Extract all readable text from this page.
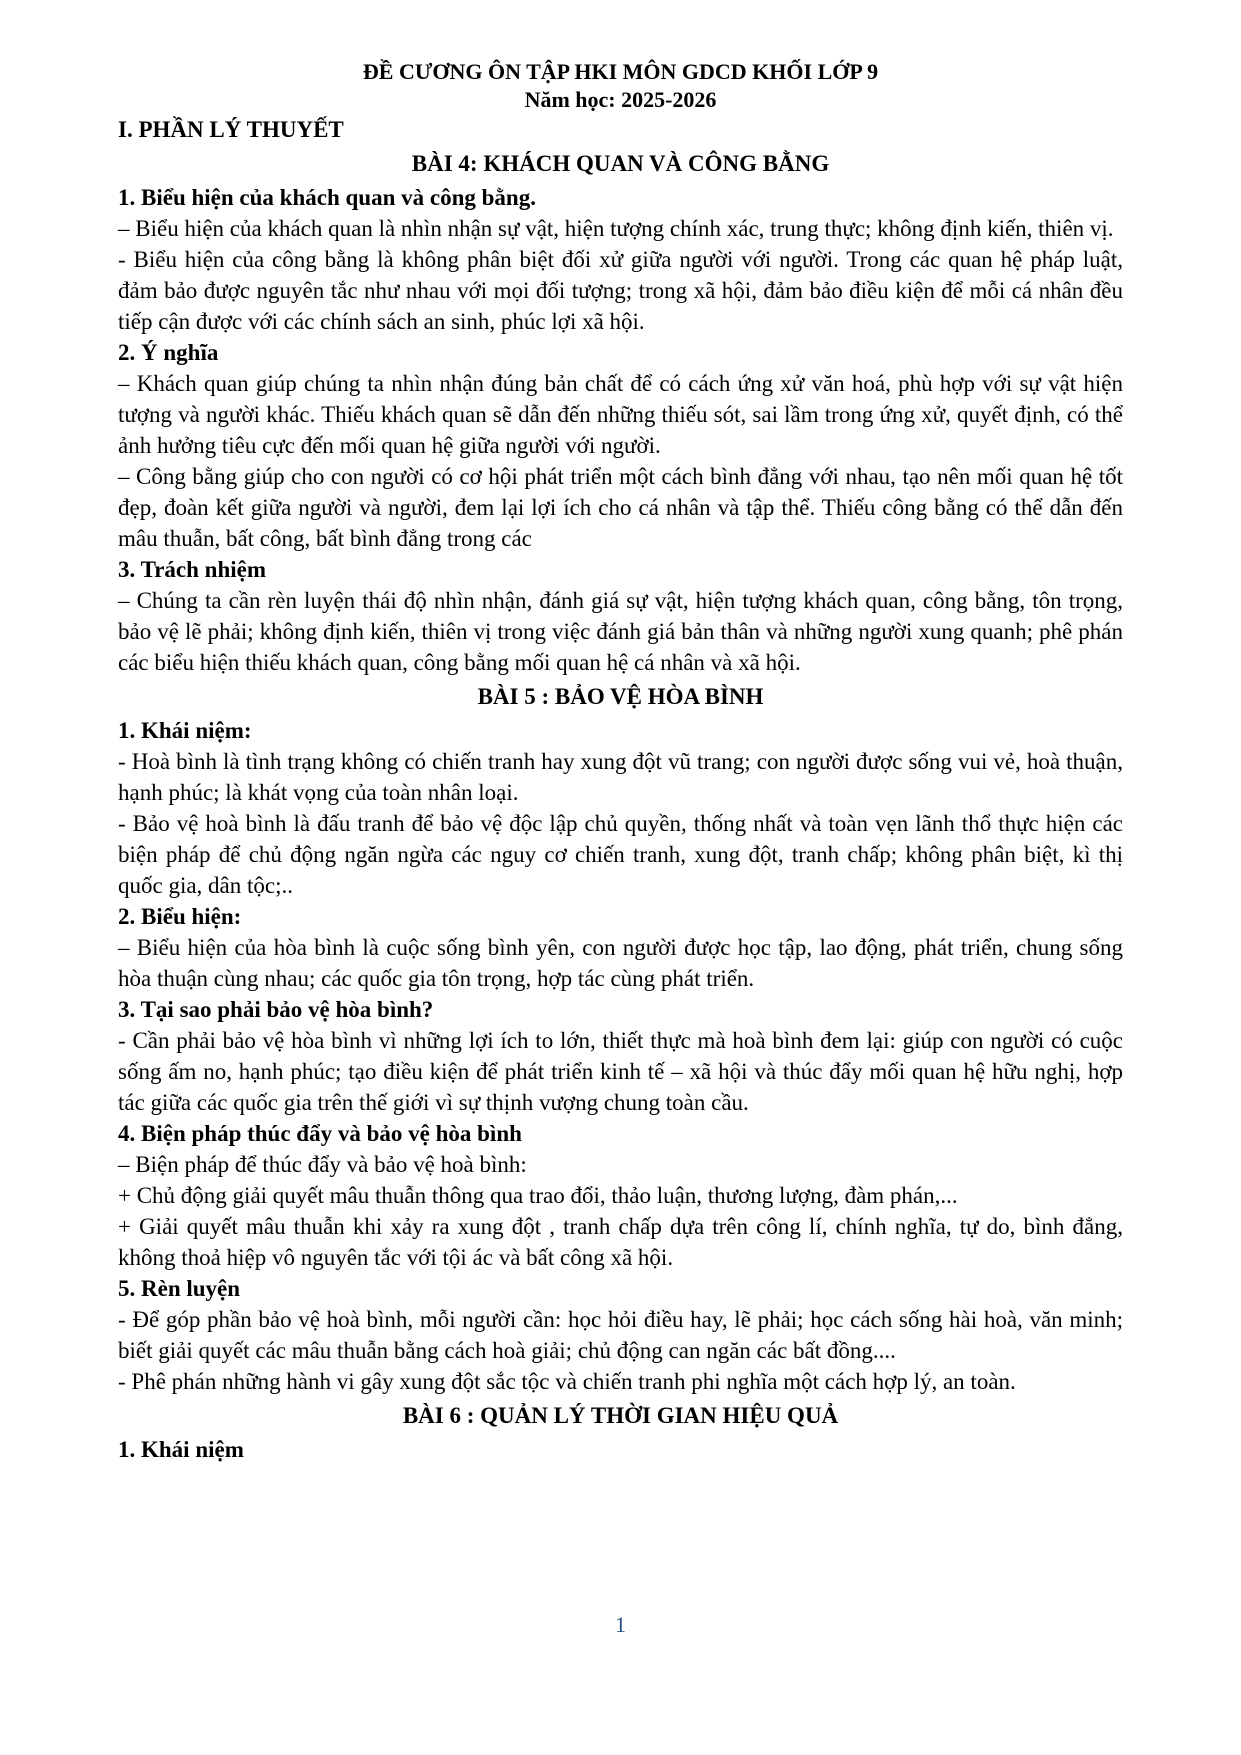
ĐỀ CƯƠNG ÔN TẬP HKI MÔN GDCD KHỐI LỚP 9

Năm học: 2025-2026

I. PHẦN LÝ THUYẾT

BÀI 4: KHÁCH QUAN VÀ CÔNG BẰNG

1. Biểu hiện của khách quan và công bằng.

– Biểu hiện của khách quan là nhìn nhận sự vật, hiện tượng chính xác, trung thực; không định kiến, thiên vị.

- Biểu hiện của công bằng là không phân biệt đối xử giữa người với người. Trong các quan hệ pháp luật, đảm bảo được nguyên tắc như nhau với mọi đối tượng; trong xã hội, đảm bảo điều kiện để mỗi cá nhân đều tiếp cận được với các chính sách an sinh, phúc lợi xã hội.

2. Ý nghĩa

– Khách quan giúp chúng ta nhìn nhận đúng bản chất để có cách ứng xử văn hoá, phù hợp với sự vật hiện tượng và người khác. Thiếu khách quan sẽ dẫn đến những thiếu sót, sai lầm trong ứng xử, quyết định, có thể ảnh hưởng tiêu cực đến mối quan hệ giữa người với người.

– Công bằng giúp cho con người có cơ hội phát triển một cách bình đẳng với nhau, tạo nên mối quan hệ tốt đẹp, đoàn kết giữa người và người, đem lại lợi ích cho cá nhân và tập thể. Thiếu công bằng có thể dẫn đến mâu thuẫn, bất công, bất bình đẳng trong các

3. Trách nhiệm

– Chúng ta cần rèn luyện thái độ nhìn nhận, đánh giá sự vật, hiện tượng khách quan, công bằng, tôn trọng, bảo vệ lẽ phải; không định kiến, thiên vị trong việc đánh giá bản thân và những người xung quanh; phê phán các biểu hiện thiếu khách quan, công bằng mối quan hệ cá nhân và xã hội.

BÀI 5 : BẢO VỆ HÒA BÌNH

1. Khái niệm:

- Hoà bình là tình trạng không có chiến tranh hay xung đột vũ trang; con người được sống vui vẻ, hoà thuận, hạnh phúc; là khát vọng của toàn nhân loại.

- Bảo vệ hoà bình là đấu tranh để bảo vệ độc lập chủ quyền, thống nhất và toàn vẹn lãnh thổ thực hiện các biện pháp để chủ động ngăn ngừa các nguy cơ chiến tranh, xung đột, tranh chấp; không phân biệt, kì thị quốc gia, dân tộc;..

2. Biểu hiện:

– Biểu hiện của hòa bình là cuộc sống bình yên, con người được học tập, lao động, phát triển, chung sống hòa thuận cùng nhau; các quốc gia tôn trọng, hợp tác cùng phát triển.

3. Tại sao phải bảo vệ hòa bình?

- Cần phải bảo vệ hòa bình vì những lợi ích to lớn, thiết thực mà hoà bình đem lại: giúp con người có cuộc sống ấm no, hạnh phúc; tạo điều kiện để phát triển kinh tế – xã hội và thúc đẩy mối quan hệ hữu nghị, hợp tác giữa các quốc gia trên thế giới vì sự thịnh vượng chung toàn cầu.

4. Biện pháp thúc đẩy và bảo vệ hòa bình

– Biện pháp để thúc đẩy và bảo vệ hoà bình:

+ Chủ động giải quyết mâu thuẫn thông qua trao đổi, thảo luận, thương lượng, đàm phán,...

+ Giải quyết mâu thuẫn khi xảy ra xung đột , tranh chấp dựa trên công lí, chính nghĩa, tự do, bình đẳng, không thoả hiệp vô nguyên tắc với tội ác và bất công xã hội.

5. Rèn luyện

- Để góp phần bảo vệ hoà bình, mỗi người cần: học hỏi điều hay, lẽ phải; học cách sống hài hoà, văn minh; biết giải quyết các mâu thuẫn bằng cách hoà giải; chủ động can ngăn các bất đồng....

- Phê phán những hành vi gây xung đột sắc tộc và chiến tranh phi nghĩa một cách hợp lý, an toàn.

BÀI 6 : QUẢN LÝ THỜI GIAN HIỆU QUẢ

1. Khái niệm

1
